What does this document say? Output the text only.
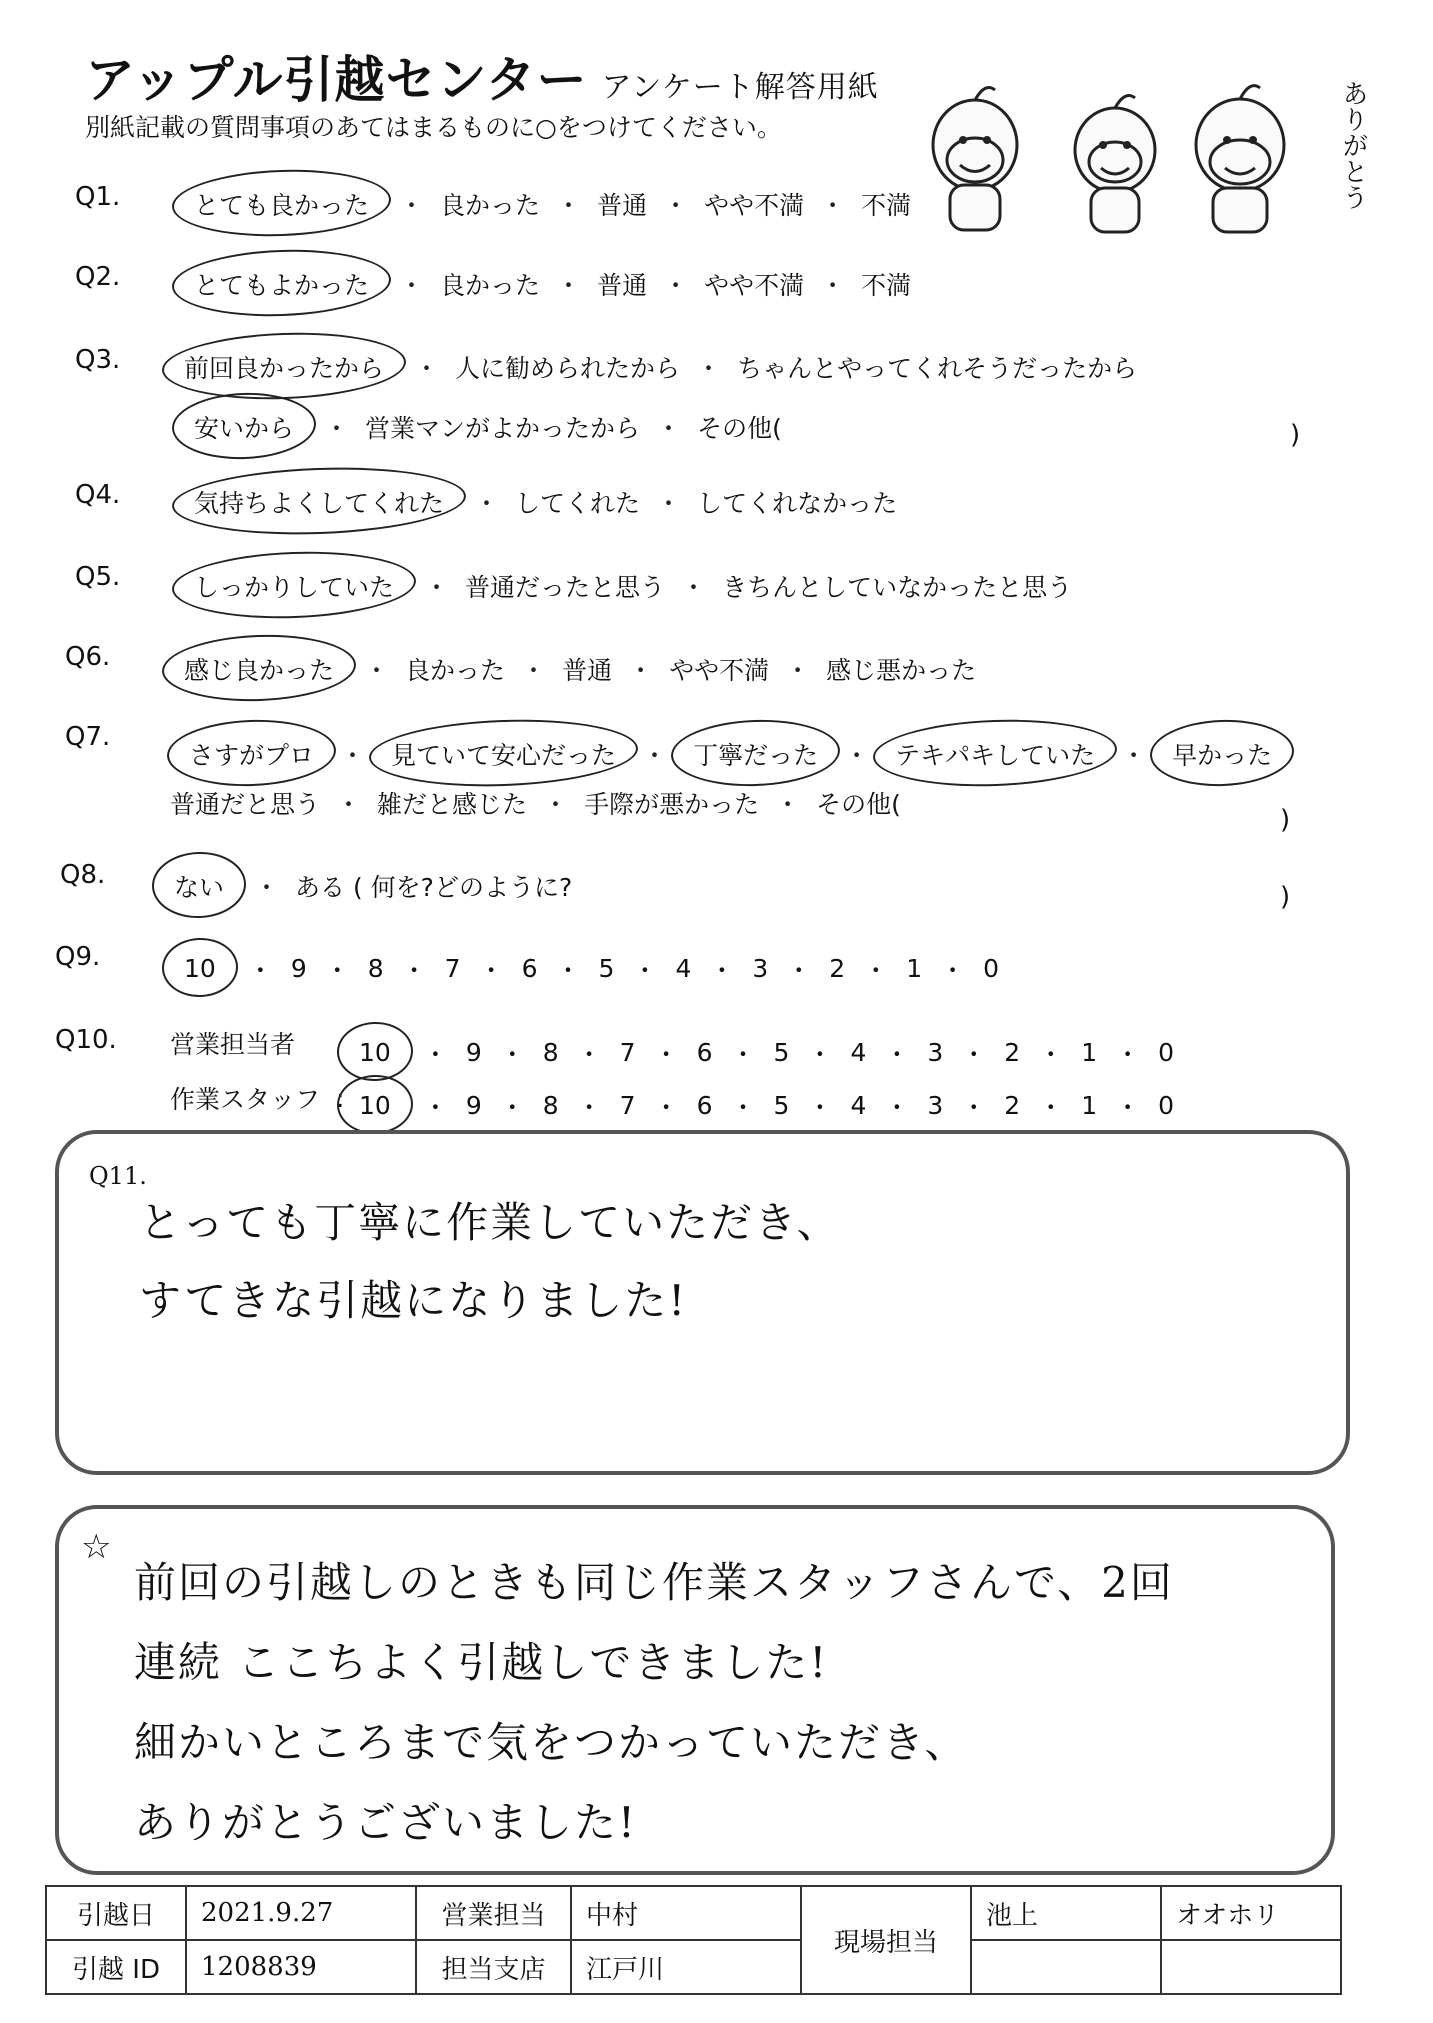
アップル引越センター アンケート解答用紙
別紙記載の質問事項のあてはまるものに○をつけてください。	ありがとう
Q1.	とても良かった	・ 良かった ・ 普通 ・ やや不満 ・ 不満
Q2.	とてもよかった	・ 良かった ・ 普通 ・ やや不満 ・ 不満
Q3.	前回良かったから	・ 人に勧められたから ・ ちゃんとやってくれそうだったから
安いから	・ 営業マンがよかったから ・ その他(	)
Q4.	気持ちよくしてくれた	・ してくれた ・ してくれなかった
Q5.	しっかりしていた	・ 普通だったと思う ・ きちんとしていなかったと思う
Q6.	感じ良かった	・ 良かった ・ 普通 ・ やや不満 ・ 感じ悪かった
Q7.
さすがプロ	・	見ていて安心だった	・	丁寧だった	・	テキパキしていた	・	早かった
普通だと思う ・ 雑だと感じた ・ 手際が悪かった ・ その他(
)
Q8.	ない	・ ある ( 何を?どのように?	)
Q9.	10	・ 9 ・ 8 ・ 7 ・ 6 ・ 5 ・ 4 ・ 3 ・ 2 ・ 1 ・ 0
Q10. 営業担当者	10	・ 9 ・ 8 ・ 7 ・ 6 ・ 5 ・ 4 ・ 3 ・ 2 ・ 1 ・ 0
作業スタッフ : 10	・ 9 ・ 8 ・ 7 ・ 6 ・ 5 ・ 4 ・ 3 ・ 2 ・ 1 ・ 0
Q11.
とっても丁寧に作業していただき、
すてきな引越になりました!
☆
前回の引越しのときも同じ作業スタッフさんで、2回
連続 ここちよく引越しできました!
細かいところまで気をつかっていただき、
ありがとうございました!
引越日	2021.9.27	営業担当	中村	現場担当	池上	オオホリ
引越 ID	1208839	担当支店	江戸川			
